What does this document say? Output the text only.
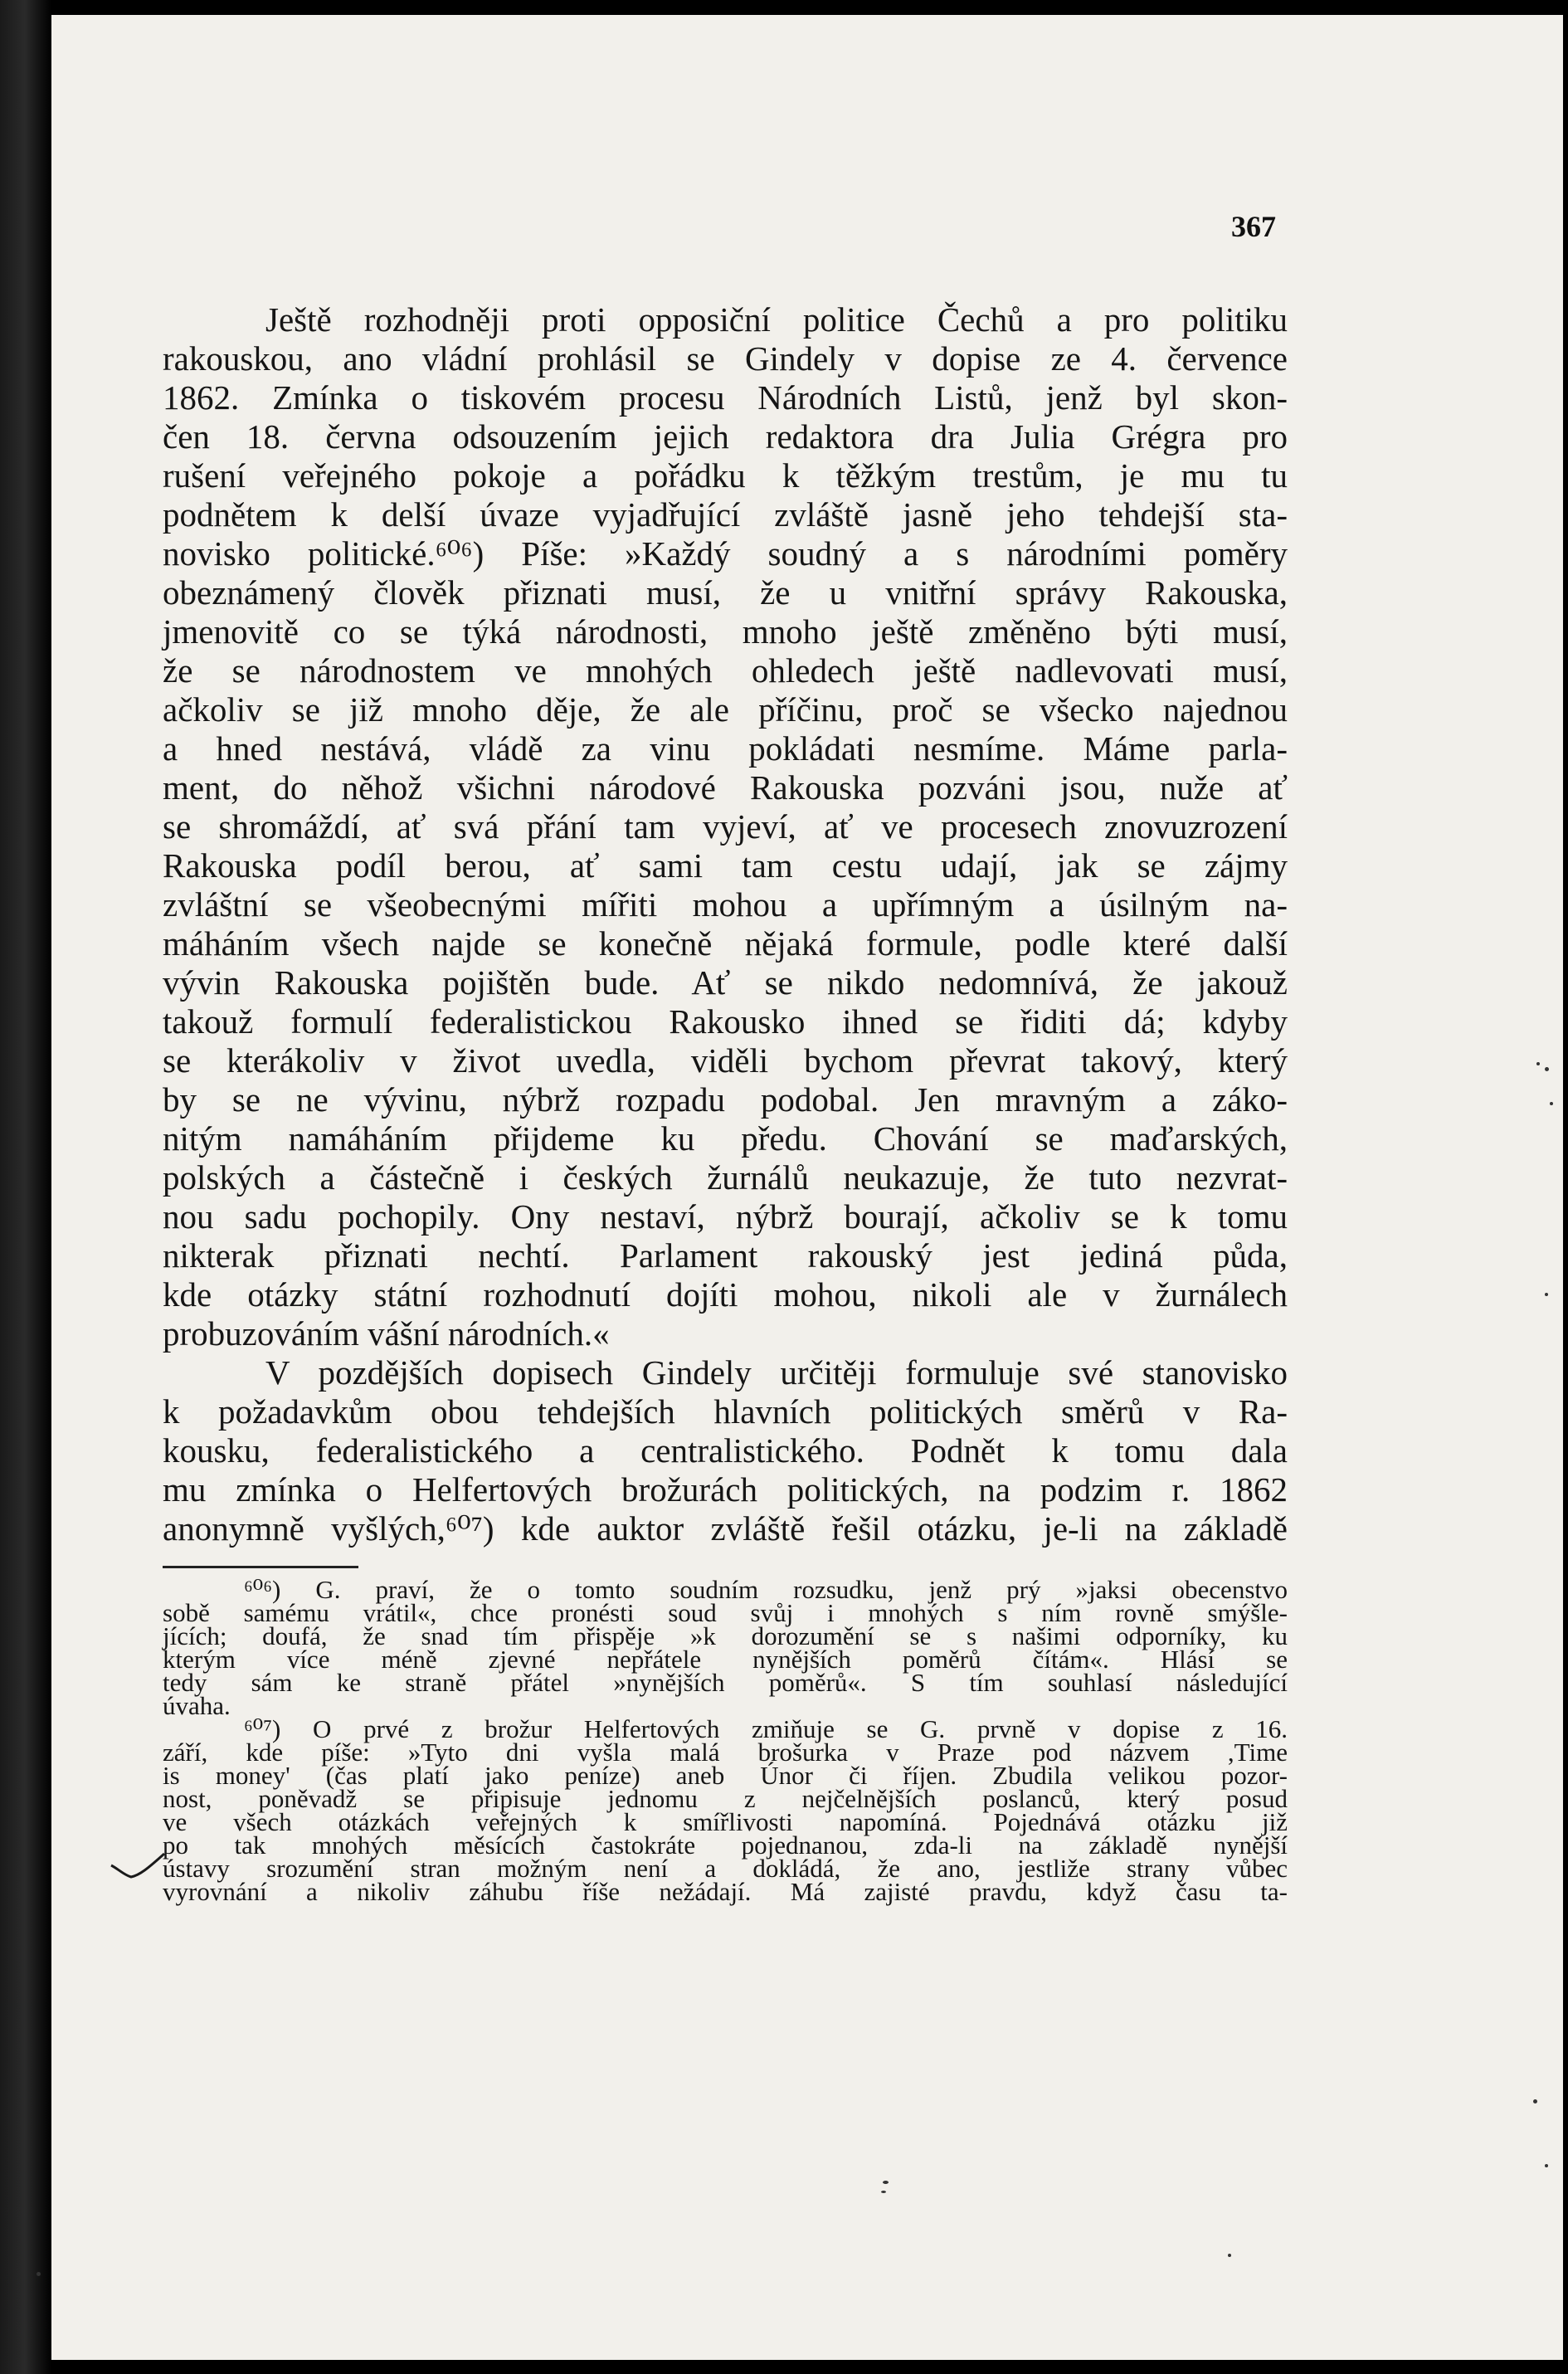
367
Ještě rozhodněji proti opposiční politice Čechů a pro politiku
rakouskou, ano vládní prohlásil se Gindely v dopise ze 4. července
1862. Zmínka o tiskovém procesu Národních Listů, jenž byl skon-
čen 18. června odsouzením jejich redaktora dra Julia Grégra pro
rušení veřejného pokoje a pořádku k těžkým trestům, je mu tu
podnětem k delší úvaze vyjadřující zvláště jasně jeho tehdejší sta-
novisko politické.⁶⁰⁶) Píše: »Každý soudný a s národními poměry
obeznámený člověk přiznati musí, že u vnitřní správy Rakouska,
jmenovitě co se týká národnosti, mnoho ještě změněno býti musí,
že se národnostem ve mnohých ohledech ještě nadlevovati musí,
ačkoliv se již mnoho děje, že ale příčinu, proč se všecko najednou
a hned nestává, vládě za vinu pokládati nesmíme. Máme parla-
ment, do něhož všichni národové Rakouska pozváni jsou, nuže ať
se shromáždí, ať svá přání tam vyjeví, ať ve procesech znovuzrození
Rakouska podíl berou, ať sami tam cestu udají, jak se zájmy
zvláštní se všeobecnými mířiti mohou a upřímným a úsilným na-
máháním všech najde se konečně nějaká formule, podle které další
vývin Rakouska pojištěn bude. Ať se nikdo nedomnívá, že jakouž
takouž formulí federalistickou Rakousko ihned se řiditi dá; kdyby
se kterákoliv v život uvedla, viděli bychom převrat takový, který
by se ne vývinu, nýbrž rozpadu podobal. Jen mravným a záko-
nitým namáháním přijdeme ku předu. Chování se maďarských,
polských a částečně i českých žurnálů neukazuje, že tuto nezvrat-
nou sadu pochopily. Ony nestaví, nýbrž bourají, ačkoliv se k tomu
nikterak přiznati nechtí. Parlament rakouský jest jediná půda,
kde otázky státní rozhodnutí dojíti mohou, nikoli ale v žurnálech
probuzováním vášní národních.«
V pozdějších dopisech Gindely určitěji formuluje své stanovisko
k požadavkům obou tehdejších hlavních politických směrů v Ra-
kousku, federalistického a centralistického. Podnět k tomu dala
mu zmínka o Helfertových brožurách politických, na podzim r. 1862
anonymně vyšlých,⁶⁰⁷) kde auktor zvláště řešil otázku, je-li na základě
⁶⁰⁶) G. praví, že o tomto soudním rozsudku, jenž prý »jaksi obecenstvo
sobě samému vrátil«, chce pronésti soud svůj i mnohých s ním rovně smýšle-
jících; doufá, že snad tím přispěje »k dorozumění se s našimi odporníky, ku
kterým více méně zjevné nepřátele nynějších poměrů čítám«. Hlásí se
tedy sám ke straně přátel »nynějších poměrů«. S tím souhlasí následující
úvaha.
⁶⁰⁷) O prvé z brožur Helfertových zmiňuje se G. prvně v dopise z 16.
září, kde píše: »Tyto dni vyšla malá brošurka v Praze pod názvem ,Time
is money' (čas platí jako peníze) aneb Únor či říjen. Zbudila velikou pozor-
nost, poněvadž se připisuje jednomu z nejčelnějších poslanců, který posud
ve všech otázkách veřejných k smířlivosti napomíná. Pojednává otázku již
po tak mnohých měsících častokráte pojednanou, zda-li na základě nynější
ústavy srozumění stran možným není a dokládá, že ano, jestliže strany vůbec
vyrovnání a nikoliv záhubu říše nežádají. Má zajisté pravdu, když času ta-
